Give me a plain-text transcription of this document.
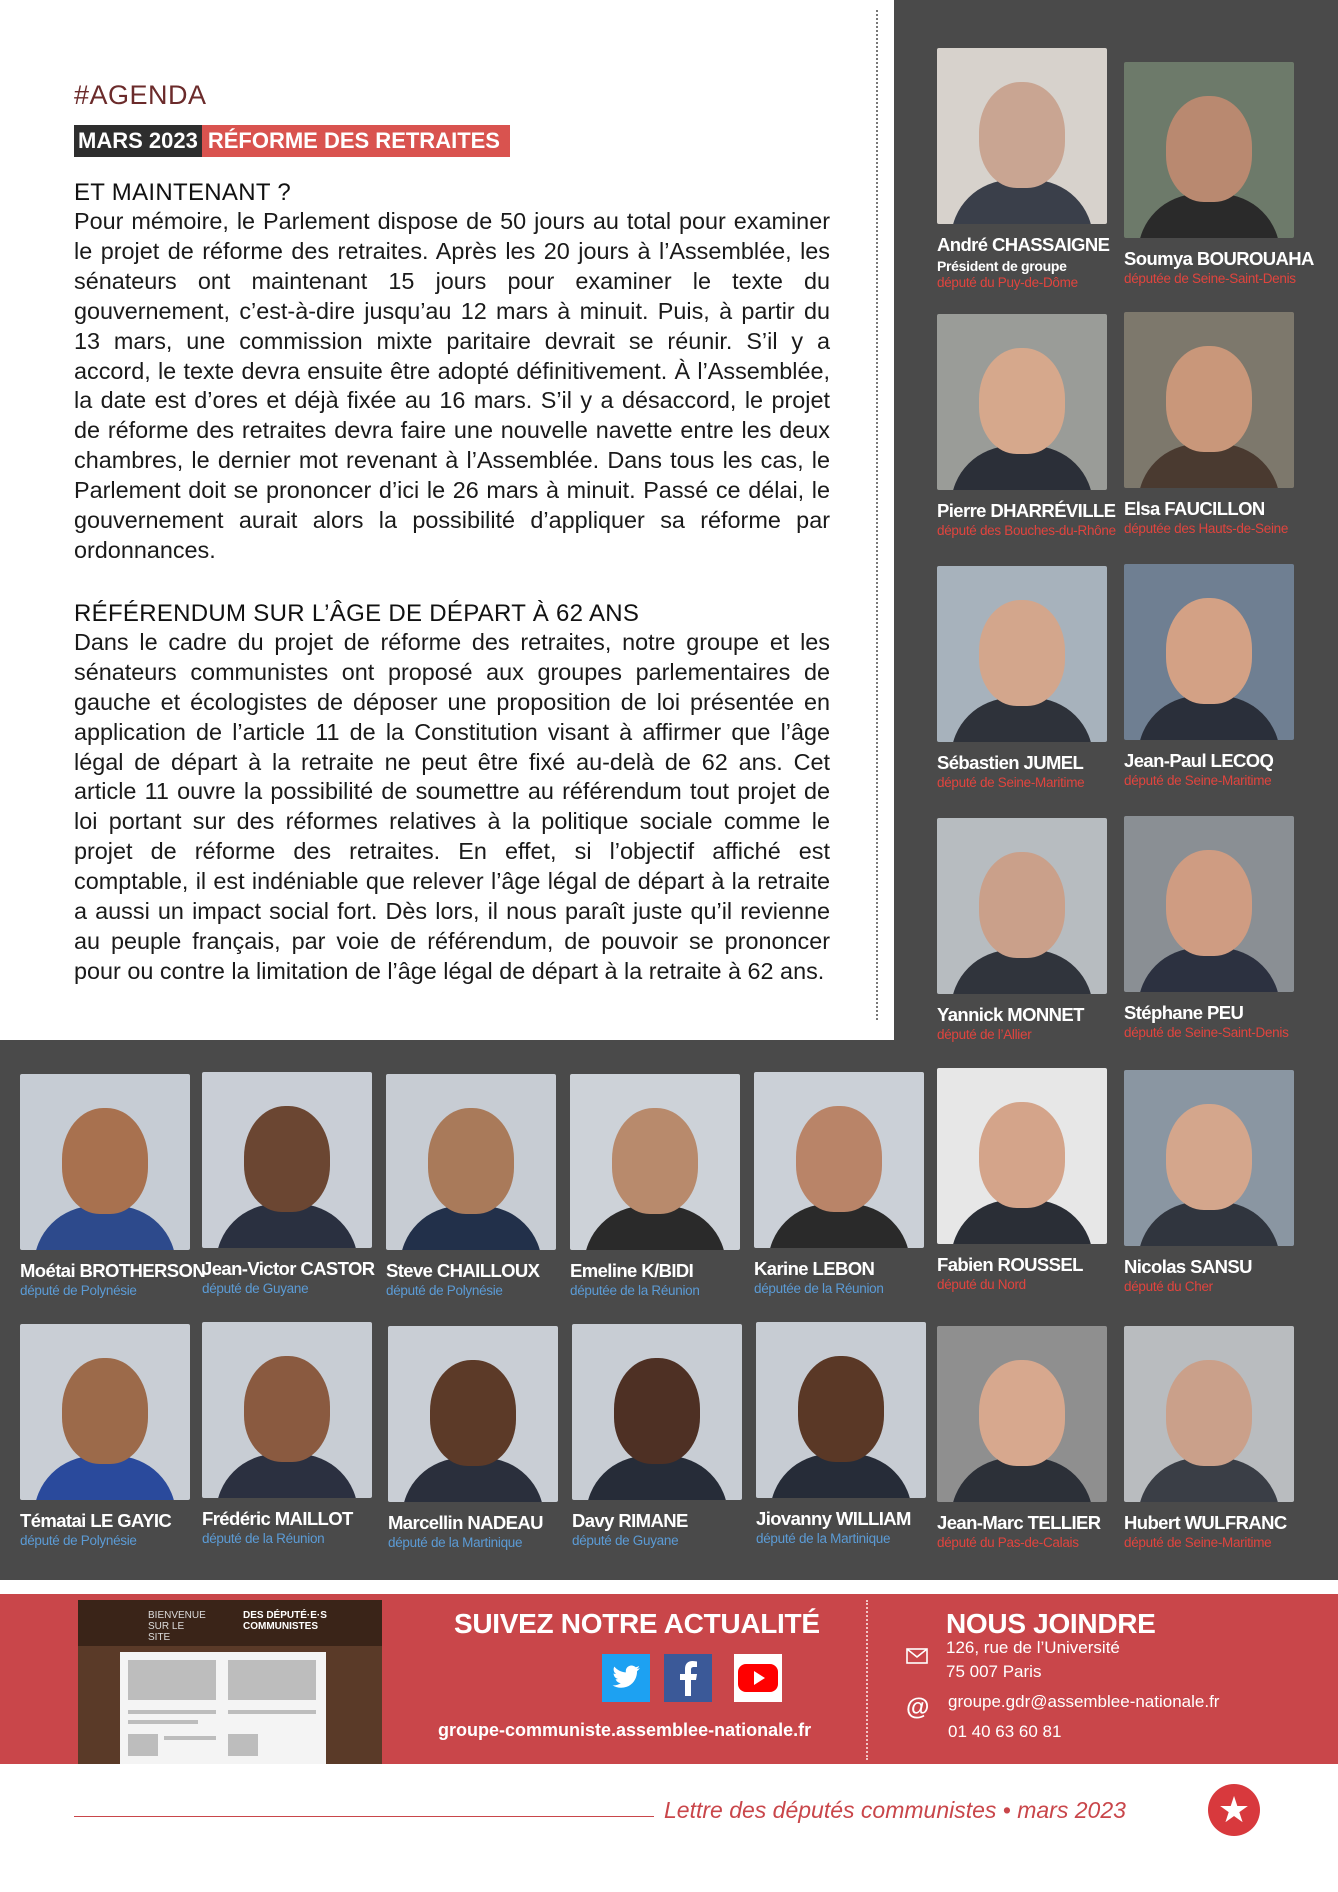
#AGENDA
MARS 2023 RÉFORME DES RETRAITES
ET MAINTENANT ?

Pour mémoire, le Parlement dispose de 50 jours au total pour examiner le projet de réforme des retraites. Après les 20 jours à l’Assemblée, les sénateurs ont maintenant 15 jours pour examiner le texte du gouvernement, c’est-à-dire jusqu’au 12 mars à minuit. Puis, à partir du 13 mars, une commission mixte paritaire devrait se réunir. S’il y a accord, le texte devra ensuite être adopté définitivement. À l’Assemblée, la date est d’ores et déjà fixée au 16 mars. S’il y a désaccord, le projet de réforme des retraites devra faire une nouvelle navette entre les deux chambres, le dernier mot revenant à l’Assemblée. Dans tous les cas, le Parlement doit se prononcer d’ici le 26 mars à minuit. Passé ce délai, le gouvernement aurait alors la possibilité d’appliquer sa réforme par ordonnances.

RÉFÉRENDUM SUR L’ÂGE DE DÉPART À 62 ANS

Dans le cadre du projet de réforme des retraites, notre groupe et les sénateurs communistes ont proposé aux groupes parlementaires de gauche et écologistes de déposer une proposition de loi présentée en application de l’article 11 de la Constitution visant à affirmer que l’âge légal de départ à la retraite ne peut être fixé au-delà de 62 ans. Cet article 11 ouvre la possibilité de soumettre au référendum tout projet de loi portant sur des réformes relatives à la politique sociale comme le projet de réforme des retraites. En effet, si l’objectif affiché est comptable, il est indéniable que relever l’âge légal de départ à la retraite a aussi un impact social fort. Dès lors, il nous paraît juste qu’il revienne au peuple français, par voie de référendum, de pouvoir se prononcer pour ou contre la limitation de l’âge légal de départ à la retraite à 62 ans.

André CHASSAIGNE
Président de groupe
député du Puy-de-Dôme
Soumya BOUROUAHA
députée de Seine-Saint-Denis
Pierre DHARRÉVILLE
député des Bouches-du-Rhône
Elsa FAUCILLON
députée des Hauts-de-Seine
Sébastien JUMEL
député de Seine-Maritime
Jean-Paul LECOQ
député de Seine-Maritime
Yannick MONNET
député de l’Allier
Stéphane PEU
député de Seine-Saint-Denis
Moétai BROTHERSON
député de Polynésie
Jean-Victor CASTOR
député de Guyane
Steve CHAILLOUX
député de Polynésie
Emeline K/BIDI
députée de la Réunion
Karine LEBON
députée de la Réunion
Fabien ROUSSEL
député du Nord
Nicolas SANSU
député du Cher
Tématai LE GAYIC
député de Polynésie
Frédéric MAILLOT
député de la Réunion
Marcellin NADEAU
député de la Martinique
Davy RIMANE
député de Guyane
Jiovanny WILLIAM
député de la Martinique
Jean-Marc TELLIER
député du Pas-de-Calais
Hubert WULFRANC
député de Seine-Maritime
BIENVENUE SUR LE SITE
DES DÉPUTÉ·E·S COMMUNISTES	SUIVEZ NOTRE ACTUALITÉ
groupe-communiste.assemblee-nationale.fr
NOUS JOINDRE
126, rue de l’Université
75 007 Paris
@ groupe.gdr@assemblee-nationale.fr
01 40 63 60 81
Lettre des députés communistes • mars 2023	★
